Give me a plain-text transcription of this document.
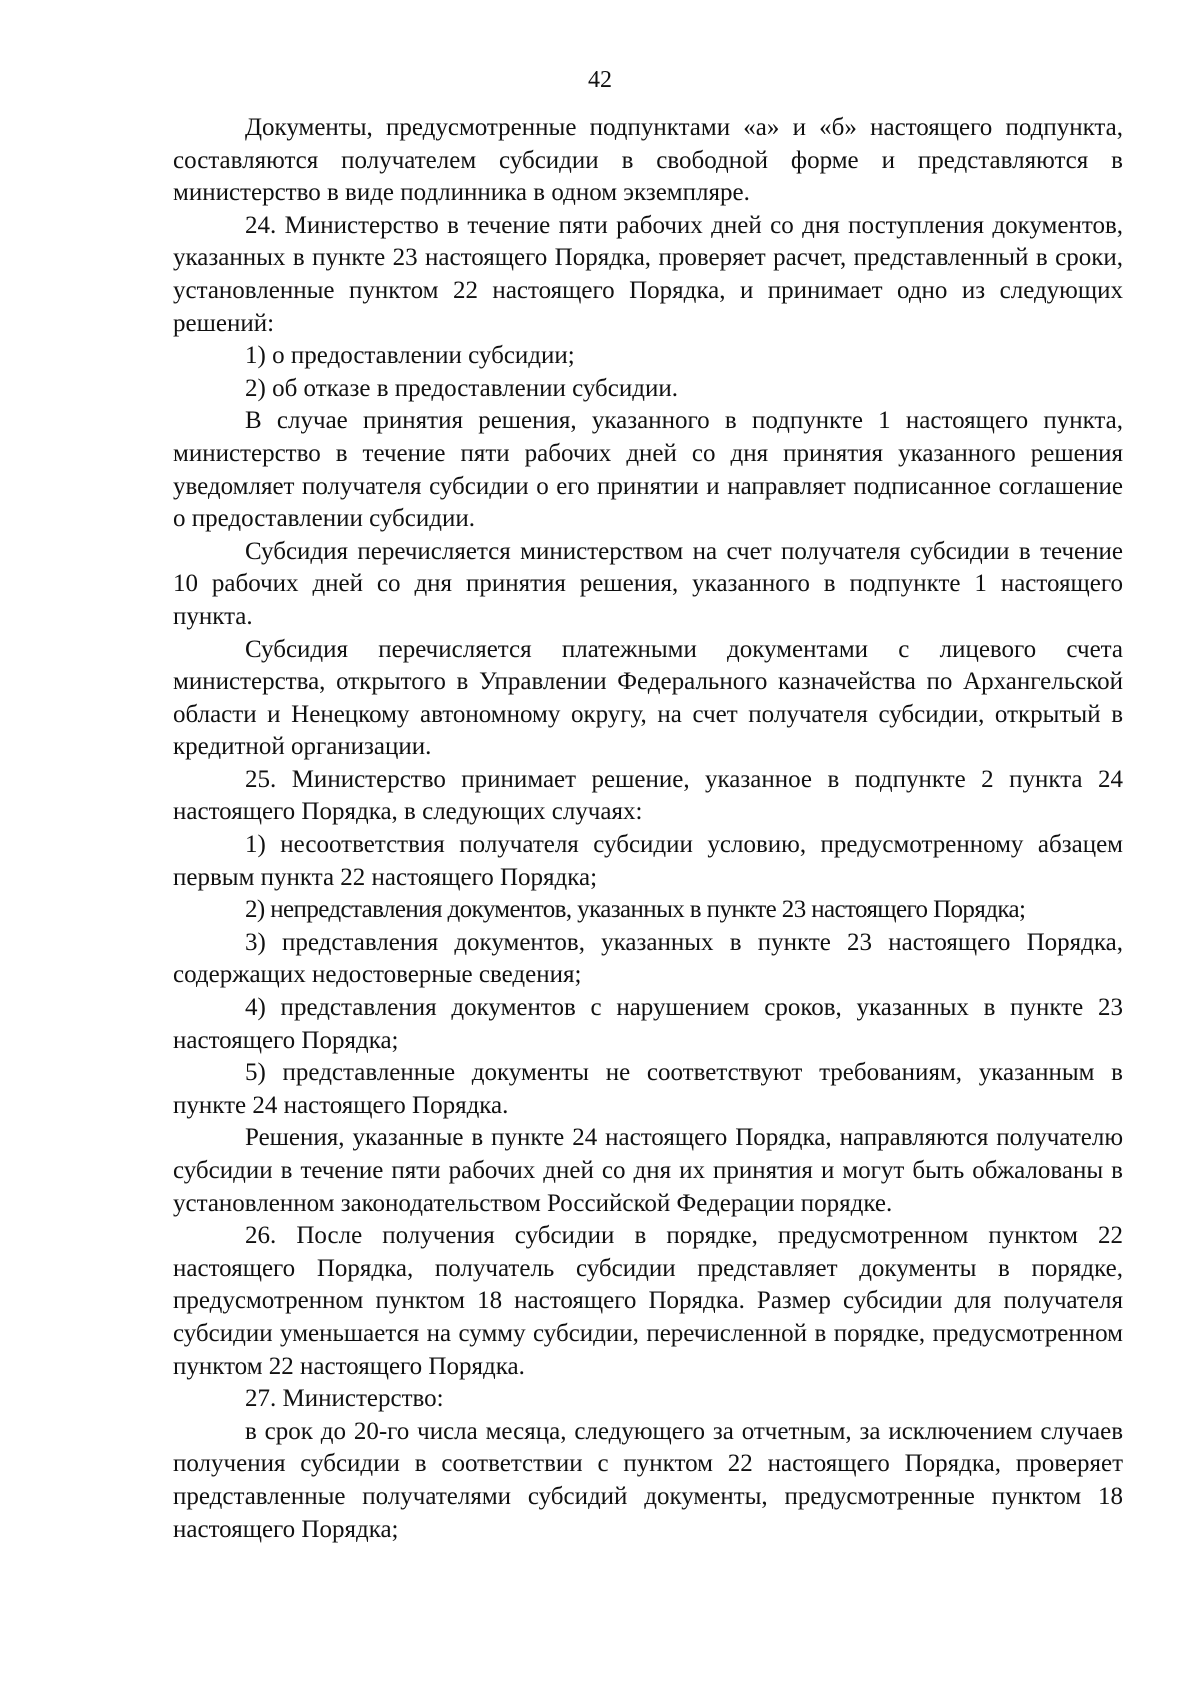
42

Документы, предусмотренные подпунктами «а» и «б» настоящего подпункта, составляются получателем субсидии в свободной форме и представляются в министерство в виде подлинника в одном экземпляре.

24. Министерство в течение пяти рабочих дней со дня поступления документов, указанных в пункте 23 настоящего Порядка, проверяет расчет, представленный в сроки, установленные пунктом 22 настоящего Порядка, и принимает одно из следующих решений:

1) о предоставлении субсидии;

2) об отказе в предоставлении субсидии.

В случае принятия решения, указанного в подпункте 1 настоящего пункта, министерство в течение пяти рабочих дней со дня принятия указанного решения уведомляет получателя субсидии о его принятии и направляет подписанное соглашение о предоставлении субсидии.

Субсидия перечисляется министерством на счет получателя субсидии в течение 10 рабочих дней со дня принятия решения, указанного в подпункте 1 настоящего пункта.

Субсидия перечисляется платежными документами с лицевого счета министерства, открытого в Управлении Федерального казначейства по Архангельской области и Ненецкому автономному округу, на счет получателя субсидии, открытый в кредитной организации.

25. Министерство принимает решение, указанное в подпункте 2 пункта 24 настоящего Порядка, в следующих случаях:

1) несоответствия получателя субсидии условию, предусмотренному абзацем первым пункта 22 настоящего Порядка;

2) непредставления документов, указанных в пункте 23 настоящего Порядка;

3) представления документов, указанных в пункте 23 настоящего Порядка, содержащих недостоверные сведения;

4) представления документов с нарушением сроков, указанных в пункте 23 настоящего Порядка;

5) представленные документы не соответствуют требованиям, указанным в пункте 24 настоящего Порядка.

Решения, указанные в пункте 24 настоящего Порядка, направляются получателю субсидии в течение пяти рабочих дней со дня их принятия и могут быть обжалованы в установленном законодательством Российской Федерации порядке.

26. После получения субсидии в порядке, предусмотренном пунктом 22 настоящего Порядка, получатель субсидии представляет документы в порядке, предусмотренном пунктом 18 настоящего Порядка. Размер субсидии для получателя субсидии уменьшается на сумму субсидии, перечисленной в порядке, предусмотренном пунктом 22 настоящего Порядка.

27. Министерство:

в срок до 20-го числа месяца, следующего за отчетным, за исключением случаев получения субсидии в соответствии с пунктом 22 настоящего Порядка, проверяет представленные получателями субсидий документы, предусмотренные пунктом 18 настоящего Порядка;
